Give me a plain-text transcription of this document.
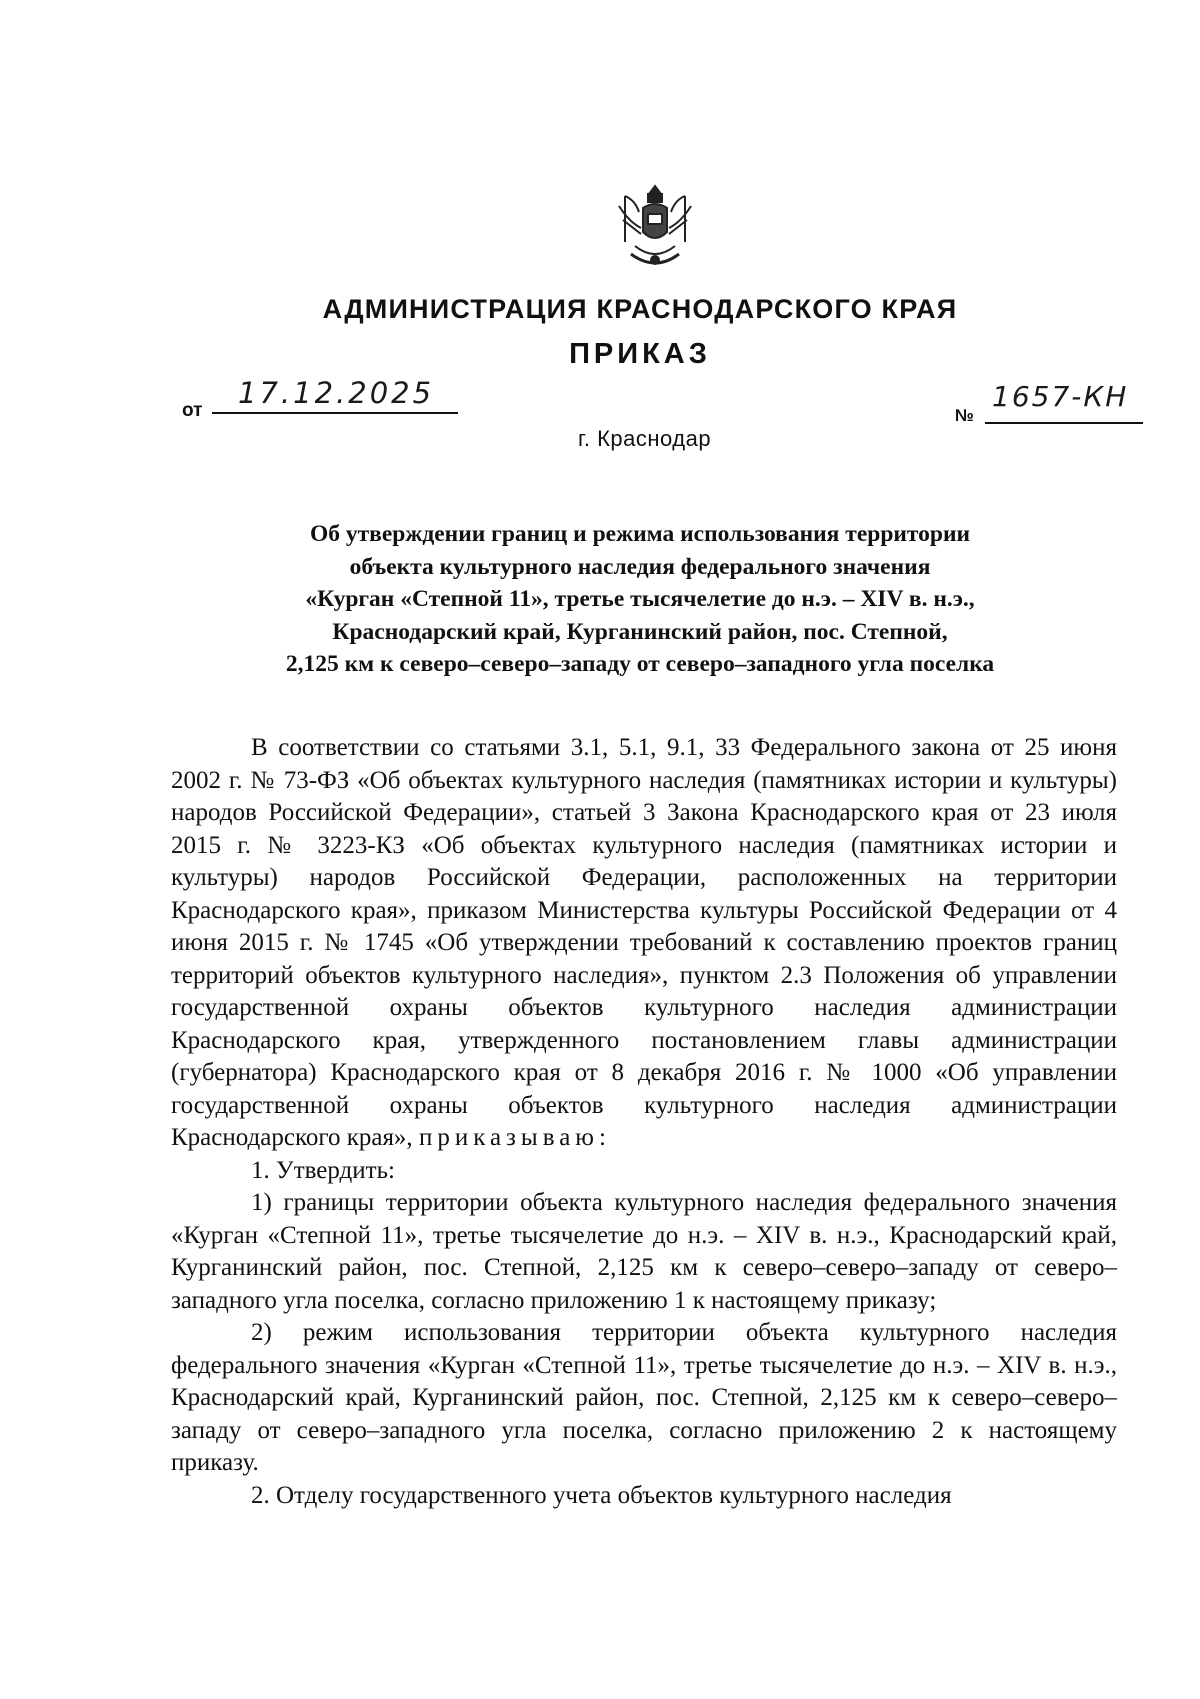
АДМИНИСТРАЦИЯ КРАСНОДАРСКОГО КРАЯ
ПРИКАЗ
от
17.12.2025
г. Краснодар
№
1657-КН
Об утверждении границ и режима использования территории
объекта культурного наследия федерального значения
«Курган «Степной 11», третье тысячелетие до н.э. – XIV в. н.э.,
Краснодарский край, Курганинский район, пос. Степной,
2,125 км к северо–северо–западу от северо–западного угла поселка

В соответствии со статьями 3.1, 5.1, 9.1, 33 Федерального закона от 25 июня 2002 г. № 73-ФЗ «Об объектах культурного наследия (памятниках истории и культуры) народов Российской Федерации», статьей 3 Закона Краснодарского края от 23 июля 2015 г. № 3223-КЗ «Об объектах культурного наследия (памятниках истории и культуры) народов Российской Федерации, расположенных на территории Краснодарского края», приказом Министерства культуры Российской Федерации от 4 июня 2015 г. № 1745 «Об утверждении требований к составлению проектов границ территорий объектов культурного наследия», пунктом 2.3 Положения об управлении государственной охраны объектов культурного наследия администрации Краснодарского края, утвержденного постановлением главы администрации (губернатора) Краснодарского края от 8 декабря 2016 г. № 1000 «Об управлении государственной охраны объектов культурного наследия администрации Краснодарского края», приказываю:

1. Утвердить:

1) границы территории объекта культурного наследия федерального значения «Курган «Степной 11», третье тысячелетие до н.э. – XIV в. н.э., Краснодарский край, Курганинский район, пос. Степной, 2,125 км к северо–северо–западу от северо–западного угла поселка, согласно приложению 1 к настоящему приказу;

2) режим использования территории объекта культурного наследия федерального значения «Курган «Степной 11», третье тысячелетие до н.э. – XIV в. н.э., Краснодарский край, Курганинский район, пос. Степной, 2,125 км к северо–северо–западу от северо–западного угла поселка, согласно приложению 2 к настоящему приказу.

2. Отделу государственного учета объектов культурного наследия
